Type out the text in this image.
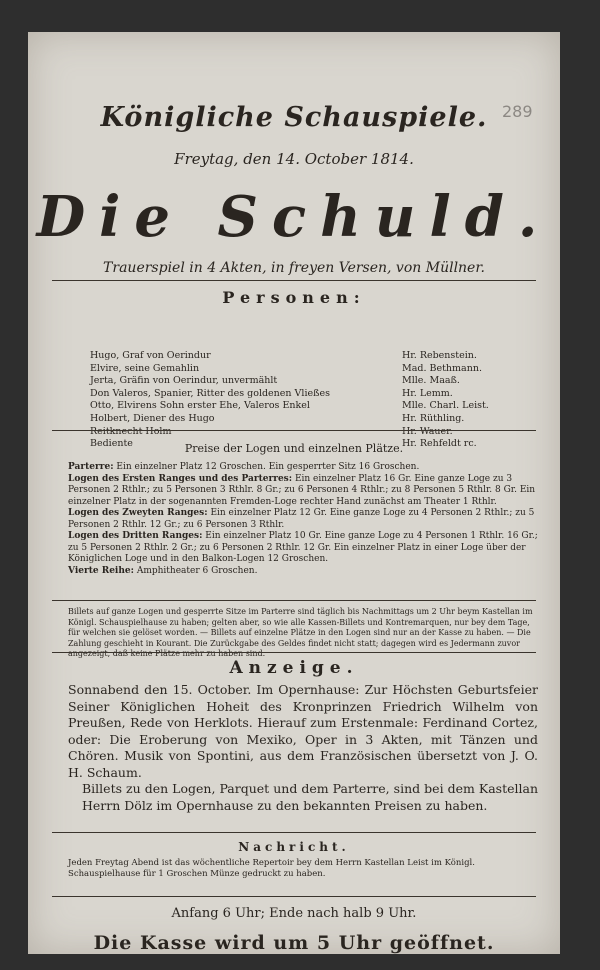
289
Königliche Schauspiele.
Freytag, den 14. October 1814.
Die Schuld.
Trauerspiel in 4 Akten, in freyen Versen, von Müllner.
Personen:
Hugo, Graf von Oerindur	Hr. Rebenstein.
Elvire, seine Gemahlin	Mad. Bethmann.
Jerta, Gräfin von Oerindur, unvermählt	Mlle. Maaß.
Don Valeros, Spanier, Ritter des goldenen Vließes	Hr. Lemm.
Otto, Elvirens Sohn erster Ehe, Valeros Enkel	Mlle. Charl. Leist.
Holbert, Diener des Hugo	Hr. Rüthling.
Reitknecht Holm	Hr. Wauer.
Bediente	Hr. Rehfeldt rc.
Preise der Logen und einzelnen Plätze.

Parterre: Ein einzelner Platz 12 Groschen. Ein gesperrter Sitz 16 Groschen.

Logen des Ersten Ranges und des Parterres: Ein einzelner Platz 16 Gr. Eine ganze Loge zu 3 Personen 2 Rthlr.; zu 5 Personen 3 Rthlr. 8 Gr.; zu 6 Personen 4 Rthlr.; zu 8 Personen 5 Rthlr. 8 Gr. Ein einzelner Platz in der sogenannten Fremden-Loge rechter Hand zunächst am Theater 1 Rthlr.

Logen des Zweyten Ranges: Ein einzelner Platz 12 Gr. Eine ganze Loge zu 4 Personen 2 Rthlr.; zu 5 Personen 2 Rthlr. 12 Gr.; zu 6 Personen 3 Rthlr.

Logen des Dritten Ranges: Ein einzelner Platz 10 Gr. Eine ganze Loge zu 4 Personen 1 Rthlr. 16 Gr.; zu 5 Personen 2 Rthlr. 2 Gr.; zu 6 Personen 2 Rthlr. 12 Gr. Ein einzelner Platz in einer Loge über der Königlichen Loge und in den Balkon-Logen 12 Groschen.

Vierte Reihe: Amphitheater 6 Groschen.

Billets auf ganze Logen und gesperrte Sitze im Parterre sind täglich bis Nachmittags um 2 Uhr beym Kastellan im Königl. Schauspielhause zu haben; gelten aber, so wie alle Kassen-Billets und Kontremarquen, nur bey dem Tage, für welchen sie gelöset worden. — Billets auf einzelne Plätze in den Logen sind nur an der Kasse zu haben. — Die Zahlung geschieht in Kourant. Die Zurückgabe des Geldes findet nicht statt; dagegen wird es Jedermann zuvor angezeigt, daß keine Plätze mehr zu haben sind.
Anzeige.

Sonnabend den 15. October. Im Opernhause: Zur Höchsten Geburtsfeier Seiner Königlichen Hoheit des Kronprinzen Friedrich Wilhelm von Preußen, Rede von Herklots. Hierauf zum Erstenmale: Ferdinand Cortez, oder: Die Eroberung von Mexiko, Oper in 3 Akten, mit Tänzen und Chören. Musik von Spontini, aus dem Französischen übersetzt von J. O. H. Schaum.

Billets zu den Logen, Parquet und dem Parterre, sind bei dem Kastellan Herrn Dölz im Opernhause zu den bekannten Preisen zu haben.

Nachricht.
Jeden Freytag Abend ist das wöchentliche Repertoir bey dem Herrn Kastellan Leist im Königl. Schauspielhause für 1 Groschen Münze gedruckt zu haben.
Anfang 6 Uhr; Ende nach halb 9 Uhr.
Die Kasse wird um 5 Uhr geöffnet.
